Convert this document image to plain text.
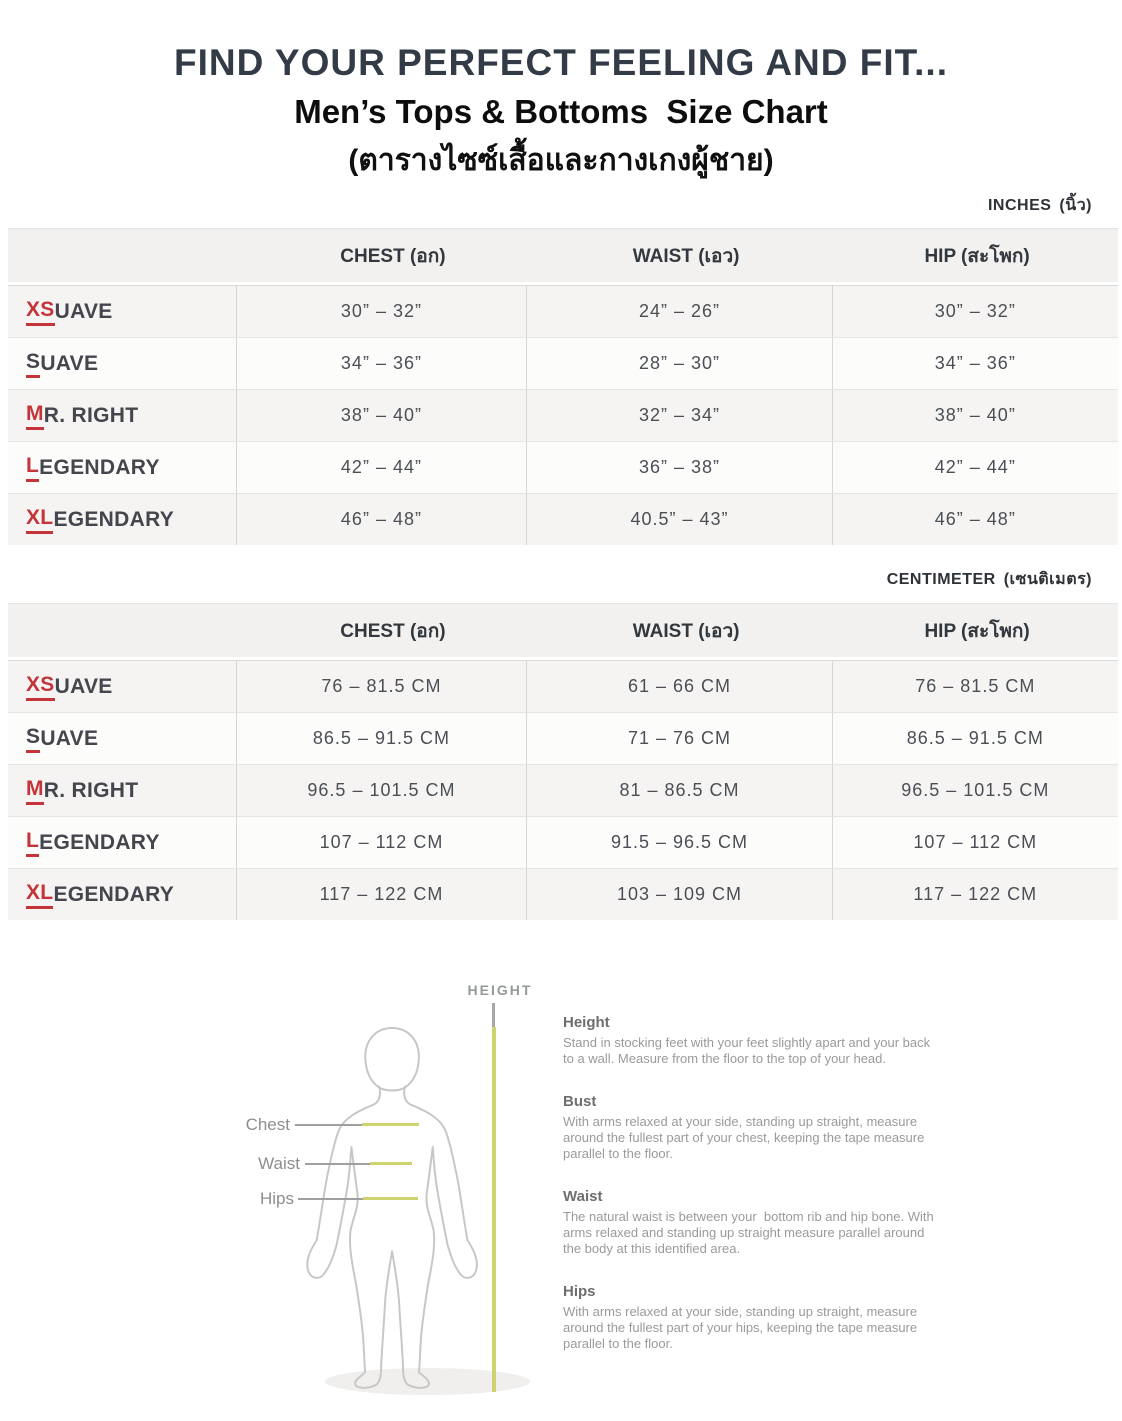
FIND YOUR PERFECT FEELING AND FIT...
Men’s Tops & Bottoms  Size Chart
(ตารางไซซ์เสื้อและกางเกงผู้ชาย)
INCHES (นิ้ว)
CENTIMETER (เซนติเมตร)
CHEST (อก)	WAIST (เอว)	HIP (สะโพก)
XS UAVE	30” – 32”	24” – 26”	30” – 32”
S UAVE	34” – 36”	28” – 30”	34” – 36”
M R. RIGHT	38” – 40”	32” – 34”	38” – 40”
L EGENDARY	42” – 44”	36” – 38”	42” – 44”
XL EGENDARY	46” – 48”	40.5” – 43”	46” – 48”
CHEST (อก)	WAIST (เอว)	HIP (สะโพก)
XS UAVE	76 – 81.5 CM	61 – 66 CM	76 – 81.5 CM
S UAVE	86.5 – 91.5 CM	71 – 76 CM	86.5 – 91.5 CM
M R. RIGHT	96.5 – 101.5 CM	81 – 86.5 CM	96.5 – 101.5 CM
L EGENDARY	107 – 112 CM	91.5 – 96.5 CM	107 – 112 CM
XL EGENDARY	117 – 122 CM	103 – 109 CM	117 – 122 CM
HEIGHT
Chest
Waist
Hips
Height

Stand in stocking feet with your feet slightly apart and your back to a wall. Measure from the floor to the top of your head.

Bust

With arms relaxed at your side, standing up straight, measure around the fullest part of your chest, keeping the tape measure parallel to the floor.

Waist

The natural waist is between your  bottom rib and hip bone. With arms relaxed and standing up straight measure parallel around the body at this identified area.

Hips

With arms relaxed at your side, standing up straight, measure around the fullest part of your hips, keeping the tape measure parallel to the floor.
